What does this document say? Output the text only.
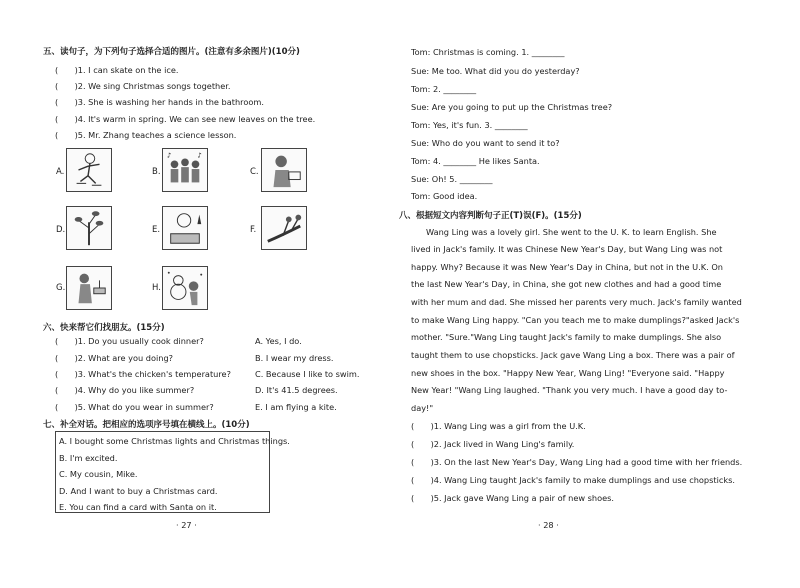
五、读句子，为下列句子选择合适的图片。(注意有多余图片)(10分)
(　　)1. I can skate on the ice.
(　　)2. We sing Christmas songs together.
(　　)3. She is washing her hands in the bathroom.
(　　)4. It's warm in spring. We can see new leaves on the tree.
(　　)5. Mr. Zhang teaches a science lesson.
A.	B.
♪	♪
C.
D.	E.	F.
G.	H.
六、快来帮它们找朋友。(15分)
(　　)1. Do you usually cook dinner?
(　　)2. What are you doing?
(　　)3. What's the chicken's temperature?
(　　)4. Why do you like summer?
(　　)5. What do you wear in summer?
A. Yes, I do.
B. I wear my dress.
C. Because I like to swim.
D. It's 41.5 degrees.
E. I am flying a kite.
七、补全对话。把相应的选项序号填在横线上。(10分)
A. I bought some Christmas lights and Christmas things.
B. I'm excited.
C. My cousin, Mike.
D. And I want to buy a Christmas card.
E. You can find a card with Santa on it.
· 27 ·
Tom: Christmas is coming. 1. ________
Sue: Me too. What did you do yesterday?
Tom: 2. ________
Sue: Are you going to put up the Christmas tree?
Tom: Yes, it's fun. 3. ________
Sue: Who do you want to send it to?
Tom: 4. ________ He likes Santa.
Sue: Oh! 5. ________
Tom: Good idea.
八、根据短文内容判断句子正(T)误(F)。(15分)
Wang Ling was a lovely girl. She went to the U. K. to learn English. She
lived in Jack's family. It was Chinese New Year's Day, but Wang Ling was not
happy. Why? Because it was New Year's Day in China, but not in the U.K. On
the last New Year's Day, in China, she got new clothes and had a good time
with her mum and dad. She missed her parents very much. Jack's family wanted
to make Wang Ling happy. "Can you teach me to make dumplings?"asked Jack's
mother. "Sure."Wang Ling taught Jack's family to make dumplings. She also
taught them to use chopsticks. Jack gave Wang Ling a box. There was a pair of
new shoes in the box. "Happy New Year, Wang Ling! "Everyone said. "Happy
New Year! "Wang Ling laughed. "Thank you very much. I have a good day to-
day!"
(　　)1. Wang Ling was a girl from the U.K.
(　　)2. Jack lived in Wang Ling's family.
(　　)3. On the last New Year's Day, Wang Ling had a good time with her friends.
(　　)4. Wang Ling taught Jack's family to make dumplings and use chopsticks.
(　　)5. Jack gave Wang Ling a pair of new shoes.
· 28 ·
